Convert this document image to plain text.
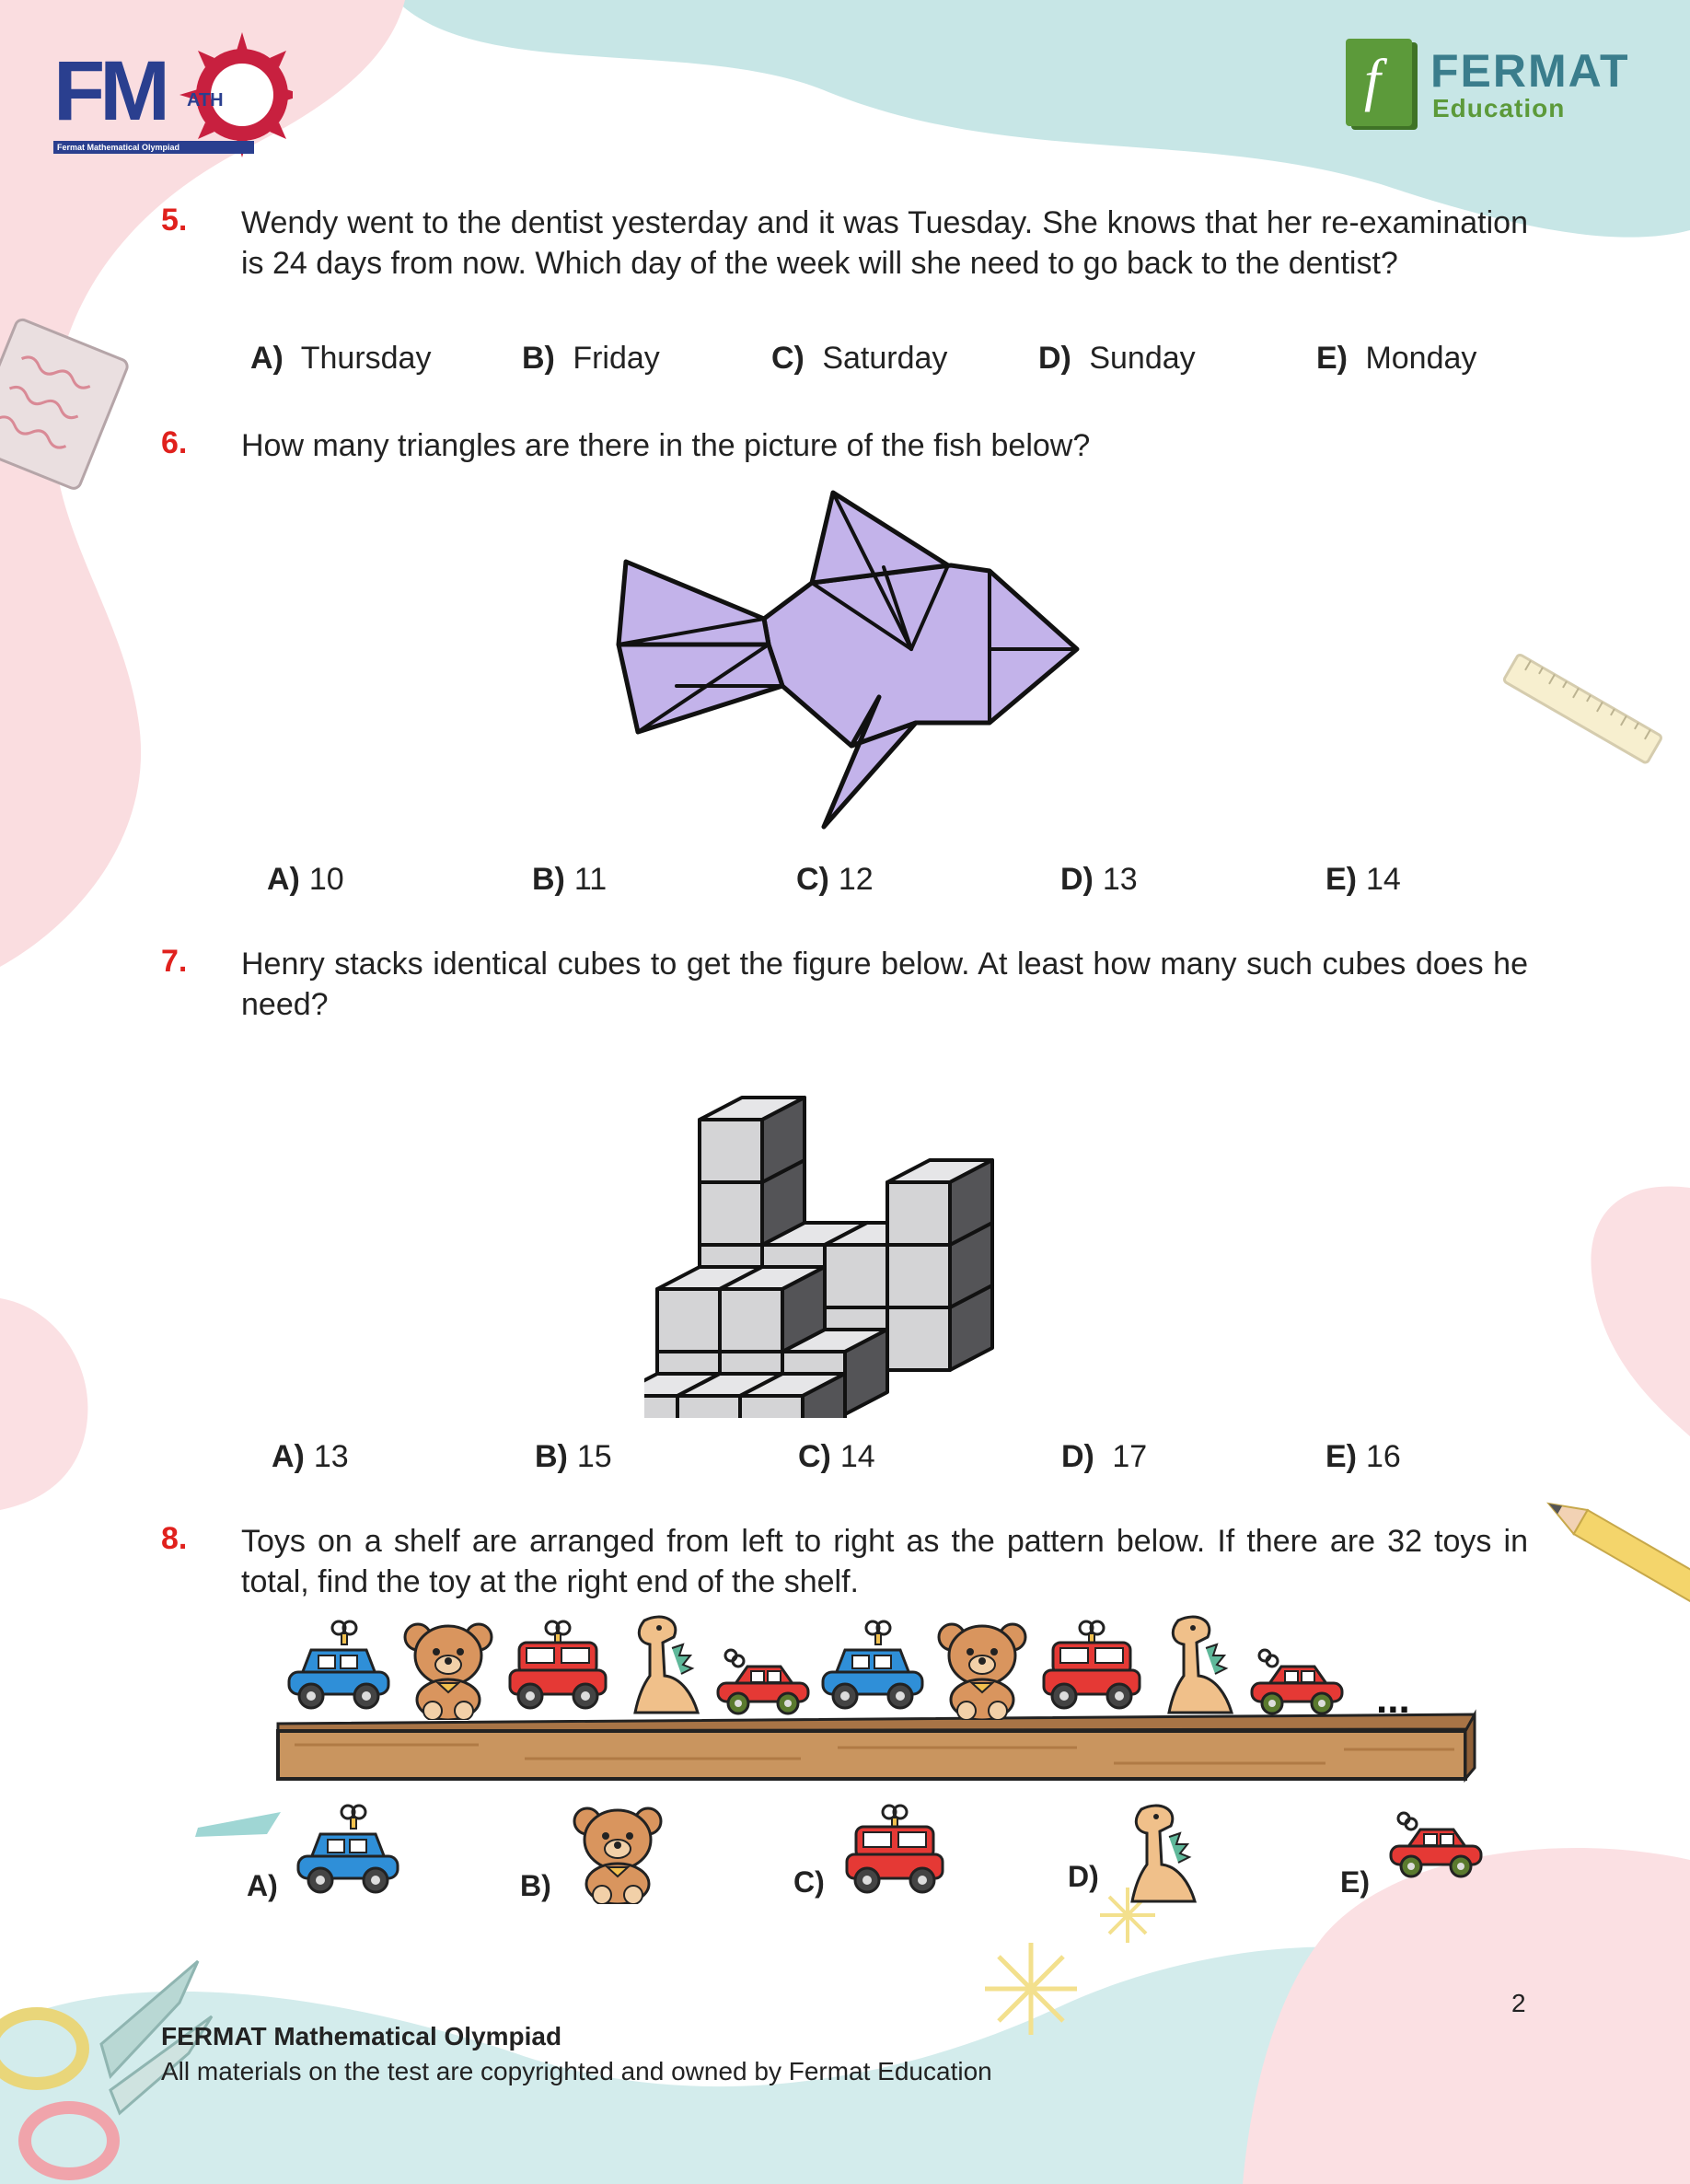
FM ATH
Fermat Mathematical Olympiad
f FERMAT
Education
5. Wendy went to the dentist yesterday and it was Tuesday. She knows that her re-examination is 24 days from now. Which day of the week will she need to go back to the dentist?
A) Thursday	B) Friday	C) Saturday	D) Sunday	E) Monday
6. How many triangles are there in the picture of the fish below?
A) 10	B) 11	C) 12	D) 13	E) 14
7. Henry stacks identical cubes to get the figure below. At least how many such cubes does he need?
A) 13	B) 15	C) 14	D) 17	E) 16
8. Toys on a shelf are arranged from left to right as the pattern below. If there are 32 toys in total, find the toy at the right end of the shelf.
...
A)	B)	C)	D)	E)
FERMAT Mathematical Olympiad
All materials on the test are copyrighted and owned by Fermat Education
2
